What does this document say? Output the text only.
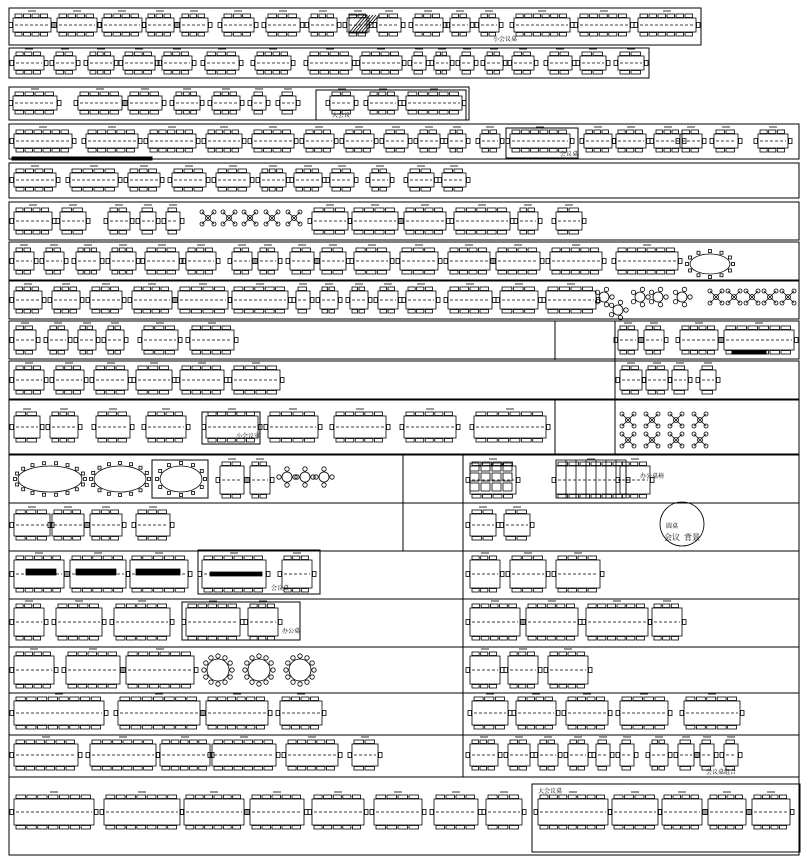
小会议桌
大会议
会议桌
小会议室
办公桌椅
圆桌
会议 背景
办公桌
会议桌
会议桌组合
大会议桌
